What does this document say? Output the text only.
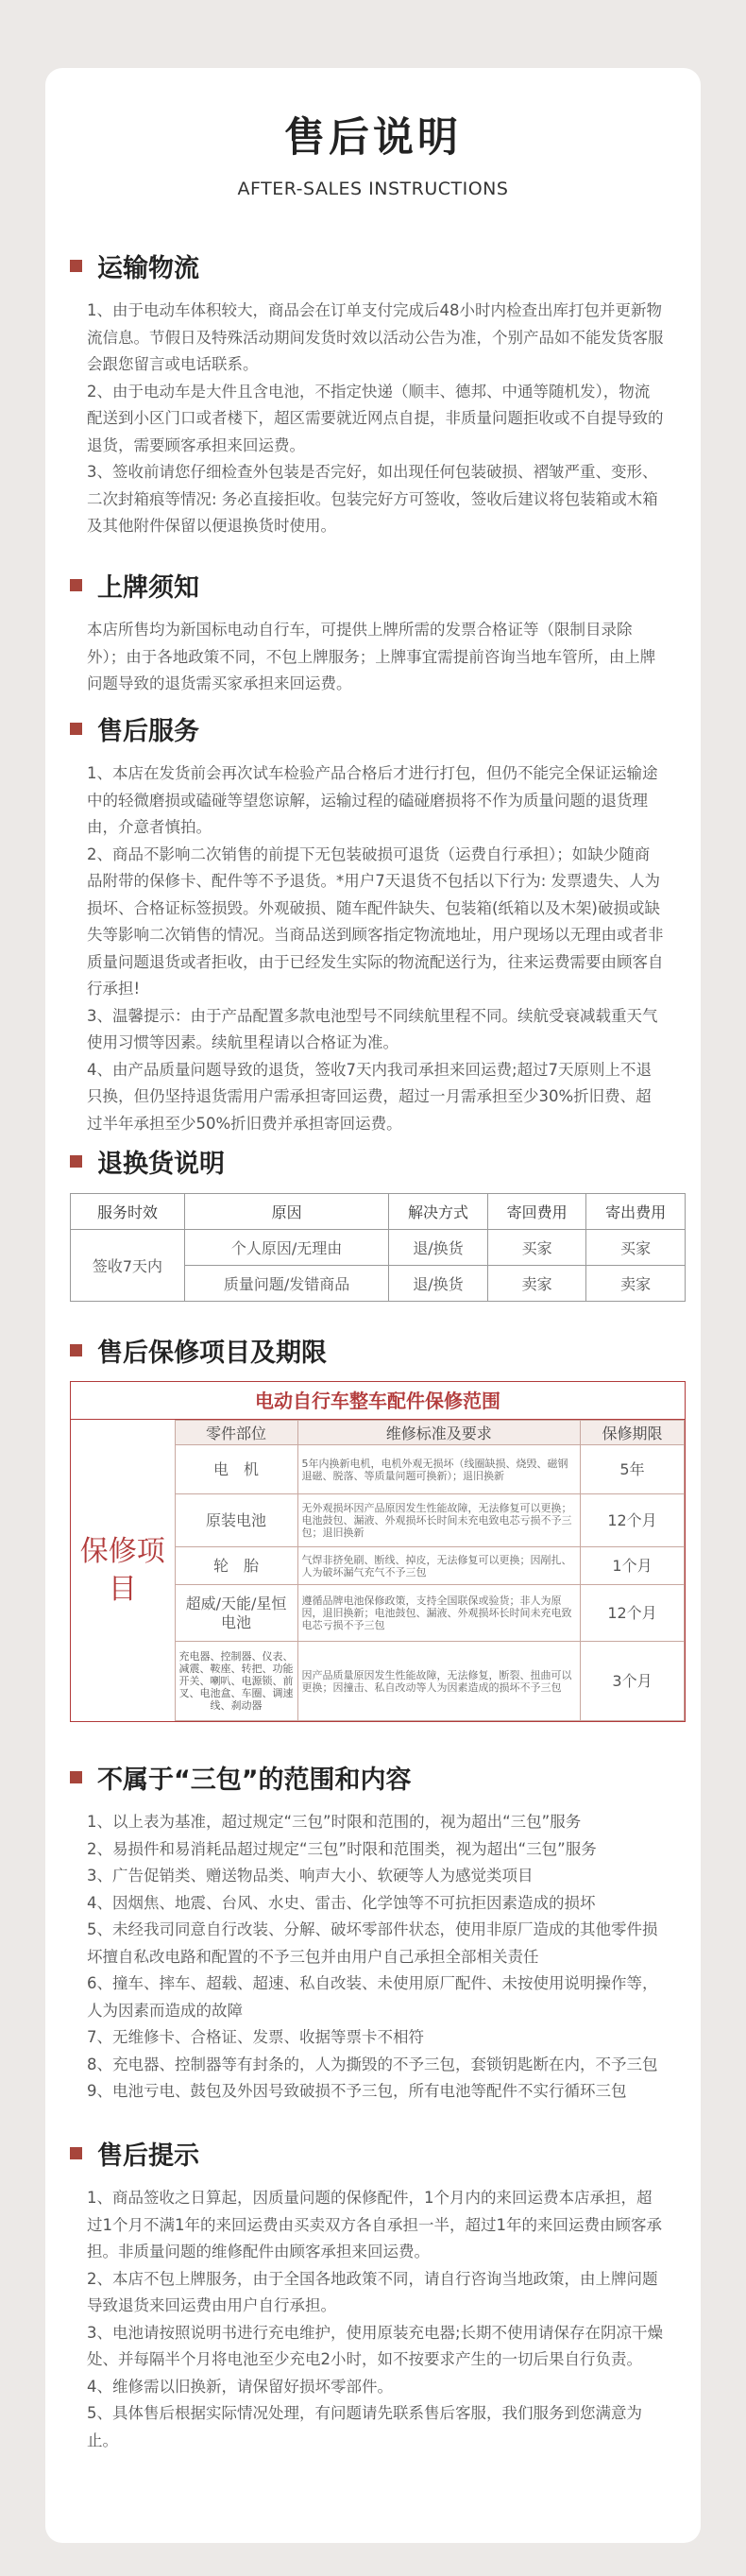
售后说明
AFTER-SALES INSTRUCTIONS
运输物流

1、由于电动车体积较大，商品会在订单支付完成后48小时内检查出库打包并更新物流信息。节假日及特殊活动期间发货时效以活动公告为准，个别产品如不能发货客服会跟您留言或电话联系。

2、由于电动车是大件且含电池，不指定快递（顺丰、德邦、中通等随机发），物流配送到小区门口或者楼下，超区需要就近网点自提，非质量问题拒收或不自提导致的退货，需要顾客承担来回运费。

3、签收前请您仔细检查外包装是否完好，如出现任何包装破损、褶皱严重、变形、二次封箱痕等情况: 务必直接拒收。包装完好方可签收，签收后建议将包装箱或木箱及其他附件保留以便退换货时使用。

上牌须知

本店所售均为新国标电动自行车，可提供上牌所需的发票合格证等（限制目录除外）；由于各地政策不同，不包上牌服务；上牌事宜需提前咨询当地车管所，由上牌问题导致的退货需买家承担来回运费。

售后服务

1、本店在发货前会再次试车检验产品合格后才进行打包，但仍不能完全保证运输途中的轻微磨损或磕碰等望您谅解，运输过程的磕碰磨损将不作为质量问题的退货理由，介意者慎拍。

2、商品不影响二次销售的前提下无包装破损可退货（运费自行承担）；如缺少随商品附带的保修卡、配件等不予退货。*用户7天退货不包括以下行为: 发票遗失、人为损坏、合格证标签损毁。外观破损、随车配件缺失、包装箱(纸箱以及木架)破损或缺失等影响二次销售的情况。当商品送到顾客指定物流地址，用户现场以无理由或者非质量问题退货或者拒收，由于已经发生实际的物流配送行为，往来运费需要由顾客自行承担!

3、温馨提示：由于产品配置多款电池型号不同续航里程不同。续航受衰减载重天气使用习惯等因素。续航里程请以合格证为准。

4、由产品质量问题导致的退货，签收7天内我司承担来回运费;超过7天原则上不退只换，但仍坚持退货需用户需承担寄回运费，超过一月需承担至少30%折旧费、超过半年承担至少50%折旧费并承担寄回运费。

退换货说明
服务时效	原因	解决方式	寄回费用	寄出费用
签收7天内	个人原因/无理由	退/换货	买家	买家
	质量问题/发错商品	退/换货	卖家	卖家
售后保修项目及期限
电动自行车整车配件保修范围
保修项目	零件部位	维修标准及要求	保修期限
	电　机	5年内换新电机，电机外观无损坏（线圈缺损、烧毁、磁钢退磁、脱落、等质量问题可换新）；退旧换新	5年
	原装电池	无外观损坏因产品原因发生性能故障，无法修复可以更换；电池鼓包、漏液、外观损坏长时间未充电致电芯亏损不予三包；退旧换新	12个月
	轮　胎	气焊非挤免刷、断线、掉皮，无法修复可以更换；因剐扎、人为破坏漏气充气不予三包	1个月
	超威/天能/星恒电池	遵循品牌电池保修政策，支持全国联保或验货；非人为原因，退旧换新；电池鼓包、漏液、外观损坏长时间未充电致电芯亏损不予三包	12个月
	充电器、控制器、仪表、减震、鞍座、转把、功能开关、喇叭、电源锁、前叉、电池盒、车圈、调速线、刹动器	因产品质量原因发生性能故障，无法修复，断裂、扭曲可以更换；因撞击、私自改动等人为因素造成的损坏不予三包	3个月
不属于“三包”的范围和内容

1、以上表为基准，超过规定“三包”时限和范围的，视为超出“三包”服务

2、易损件和易消耗品超过规定“三包”时限和范围类，视为超出“三包”服务

3、广告促销类、赠送物品类、响声大小、软硬等人为感觉类项目

4、因烟焦、地震、台风、水史、雷击、化学蚀等不可抗拒因素造成的损坏

5、未经我司同意自行改装、分解、破坏零部件状态，使用非原厂造成的其他零件损坏擅自私改电路和配置的不予三包并由用户自己承担全部相关责任

6、撞车、摔车、超载、超速、私自改装、未使用原厂配件、未按使用说明操作等，人为因素而造成的故障

7、无维修卡、合格证、发票、收据等票卡不相符

8、充电器、控制器等有封条的，人为撕毁的不予三包，套锁钥匙断在内，不予三包

9、电池亏电、鼓包及外因号致破损不予三包，所有电池等配件不实行循环三包

售后提示

1、商品签收之日算起，因质量问题的保修配件，1个月内的来回运费本店承担，超过1个月不满1年的来回运费由买卖双方各自承担一半，超过1年的来回运费由顾客承担。非质量问题的维修配件由顾客承担来回运费。

2、本店不包上牌服务，由于全国各地政策不同，请自行咨询当地政策，由上牌问题导致退货来回运费由用户自行承担。

3、电池请按照说明书进行充电维护，使用原装充电器;长期不使用请保存在阴凉干燥处、并每隔半个月将电池至少充电2小时，如不按要求产生的一切后果自行负责。

4、维修需以旧换新，请保留好损坏零部件。

5、具体售后根据实际情况处理，有问题请先联系售后客服，我们服务到您满意为止。
